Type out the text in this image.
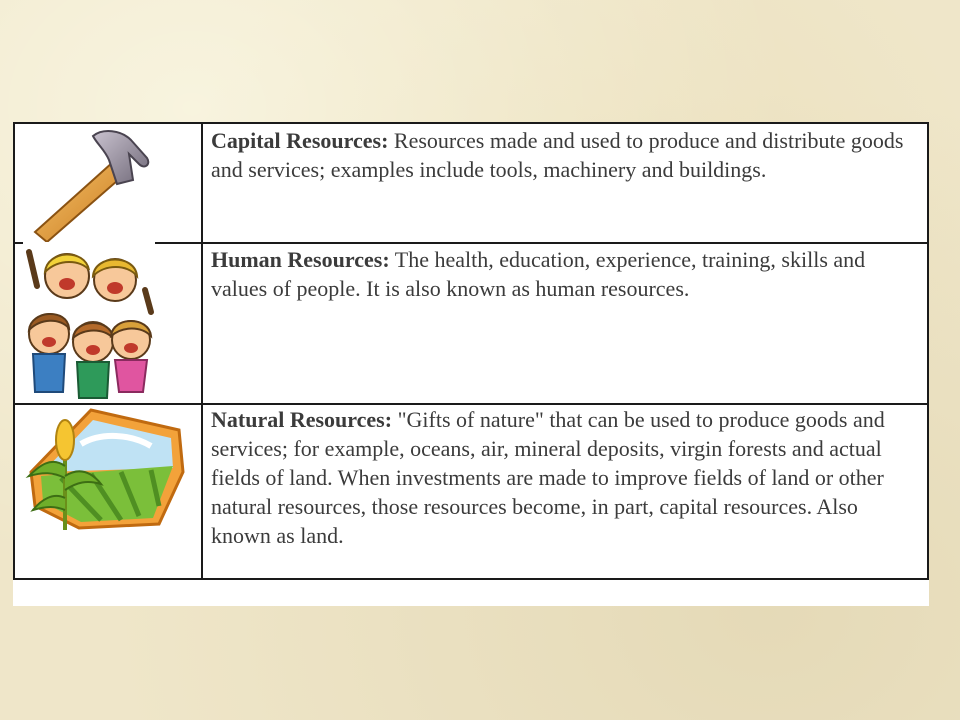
Capital Resources: Resources made and used to produce and distribute goods and services; examples include tools, machinery and buildings.
Human Resources: The health, education, experience, training, skills and values of people. It is also known as human resources.
Natural Resources: "Gifts of nature" that can be used to produce goods and services; for example, oceans, air, mineral deposits, virgin forests and actual fields of land. When investments are made to improve fields of land or other natural resources, those resources become, in part, capital resources. Also known as land.
